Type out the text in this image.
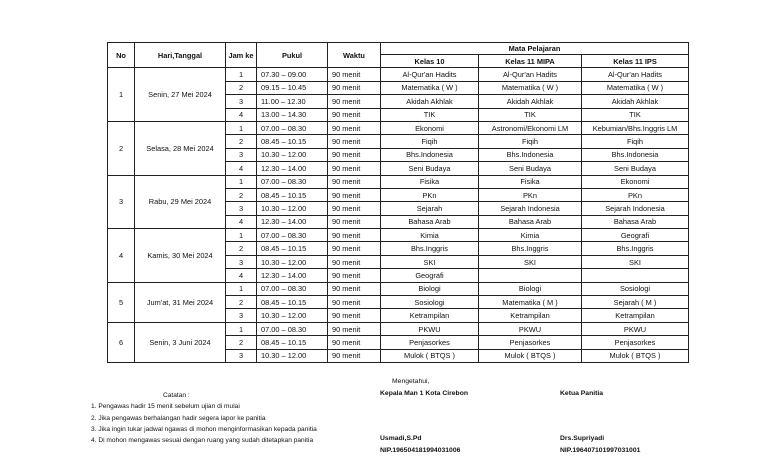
No	Hari,Tanggal	Jam ke	Pukul	Waktu	Mata Pelajaran		
					Kelas 10	Kelas 11 MIPA	Kelas 11 IPS
1	Senin, 27 Mei 2024	1	07.30 – 09.00	90 menit	Al-Qur'an Hadits	Al-Qur'an Hadits	Al-Qur'an Hadits
		2	09.15 – 10.45	90 menit	Matematika ( W )	Matematika ( W )	Matematika ( W )
		3	11.00 – 12.30	90 menit	Akidah Akhlak	Akidah Akhlak	Akidah Akhlak
		4	13.00 – 14.30	90 menit	TIK	TIK	TIK
2	Selasa, 28 Mei 2024	1	07.00 – 08.30	90 menit	Ekonomi	Astronomi/Ekonomi LM	Kebumian/Bhs.Inggris LM
		2	08.45 – 10.15	90 menit	Fiqih	Fiqih	Fiqih
		3	10.30 – 12.00	90 menit	Bhs.Indonesia	Bhs.Indonesia	Bhs.Indonesia
		4	12.30 – 14.00	90 menit	Seni Budaya	Seni Budaya	Seni Budaya
3	Rabu, 29 Mei 2024	1	07.00 – 08.30	90 menit	Fisika	Fisika	Ekonomi
		2	08.45 – 10.15	90 menit	PKn	PKn	PKn
		3	10.30 – 12.00	90 menit	Sejarah	Sejarah Indonesia	Sejarah Indonesia
		4	12.30 – 14.00	90 menit	Bahasa Arab	Bahasa Arab	Bahasa Arab
4	Kamis, 30 Mei 2024	1	07.00 – 08.30	90 menit	Kimia	Kimia	Geografi
		2	08.45 – 10.15	90 menit	Bhs.Inggris	Bhs.Inggris	Bhs.Inggris
		3	10.30 – 12.00	90 menit	SKI	SKI	SKI
		4	12.30 – 14.00	90 menit	Geografi		
5	Jum'at, 31 Mei 2024	1	07.00 – 08.30	90 menit	Biologi	Biologi	Sosiologi
		2	08.45 – 10.15	90 menit	Sosiologi	Matematika ( M )	Sejarah ( M )
		3	10.30 – 12.00	90 menit	Ketrampilan	Ketrampilan	Ketrampilan
6	Senin, 3 Juni 2024	1	07.00 – 08.30	90 menit	PKWU	PKWU	PKWU
		2	08.45 – 10.15	90 menit	Penjasorkes	Penjasorkes	Penjasorkes
		3	10.30 – 12.00	90 menit	Mulok ( BTQS )	Mulok ( BTQS )	Mulok ( BTQS )
Catatan :
1. Pengawas hadir 15 menit sebelum ujian di mulai
2. Jika pengawas berhalangan hadir segera lapor ke panitia
3. Jika ingin tukar jadwal ngawas di mohon menginformasikan kepada panitia
4. Di mohon mengawas sesuai dengan ruang yang sudah ditetapkan panitia
Mengetahui,
Kepala Man 1 Kota Cirebon	Ketua Panitia
Usmadi,S.Pd
NIP.196504181994031006
Drs.Supriyadi
NIP.196407101997031001
